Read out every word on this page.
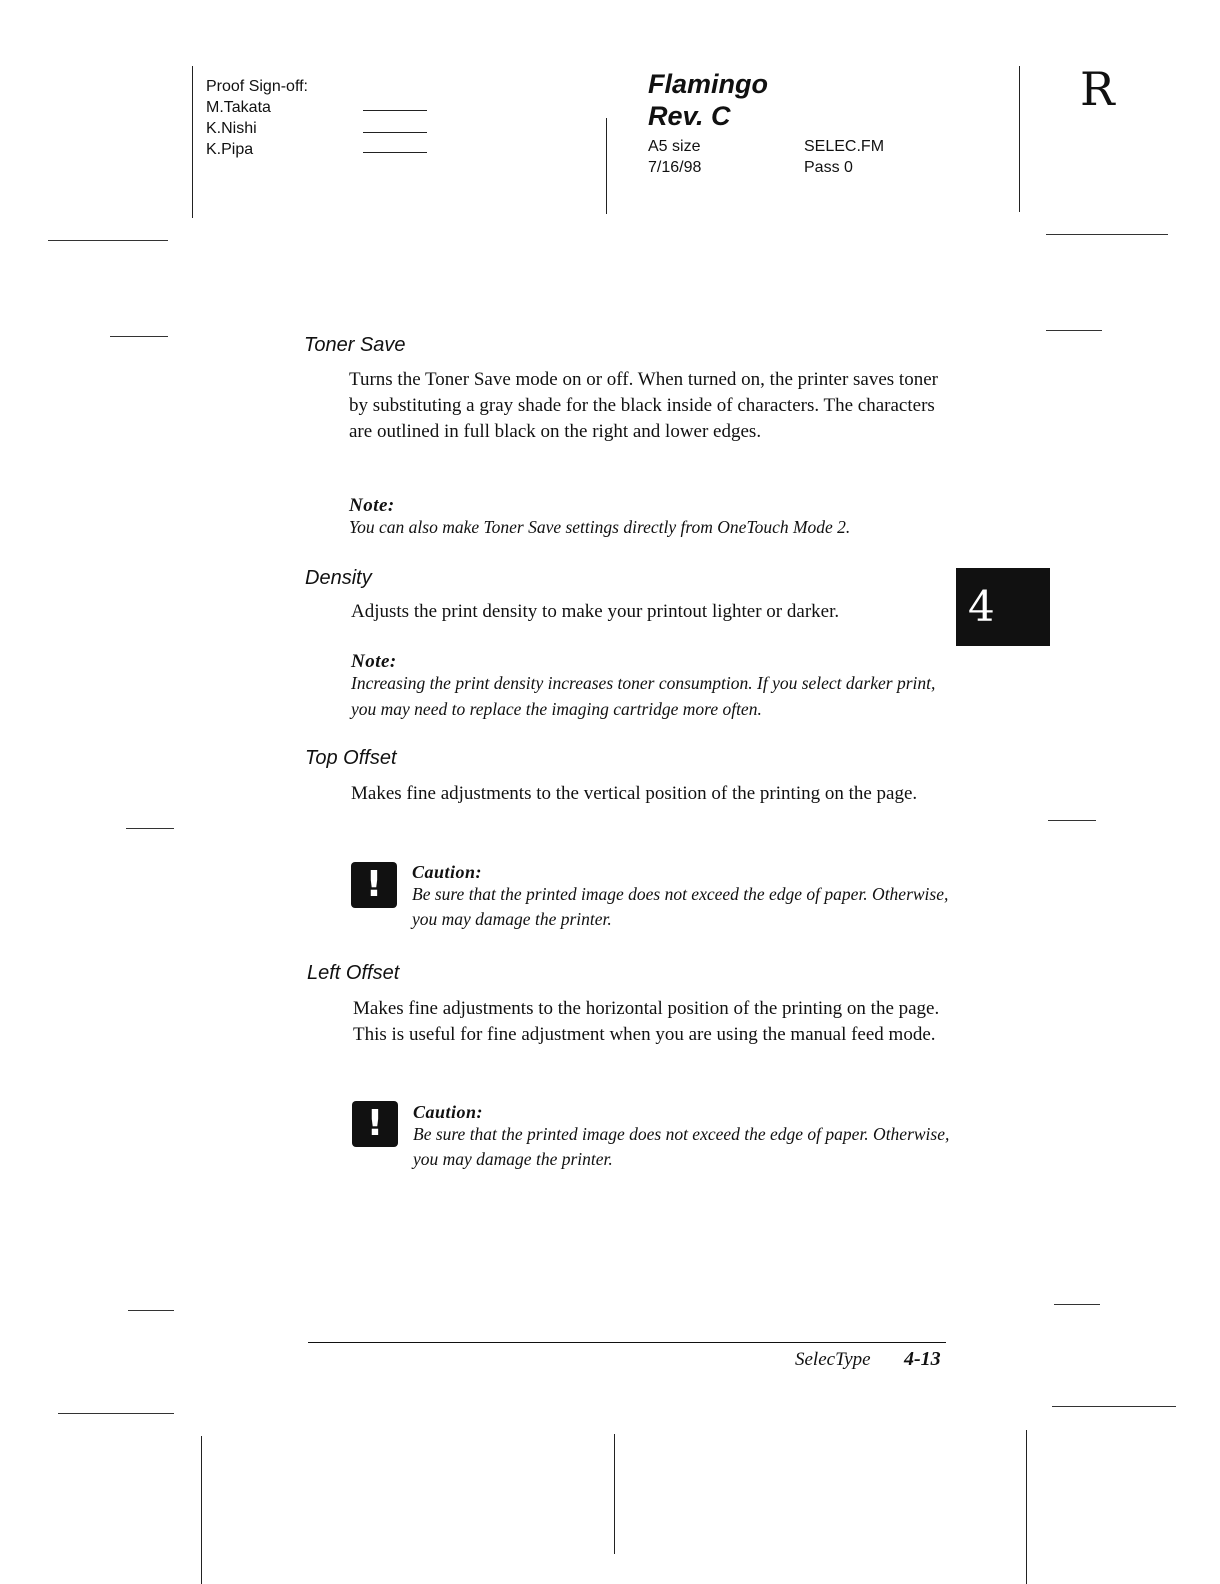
Proof Sign-off:
M.Takata
K.Nishi
K.Pipa
Flamingo
Rev. C
A5 size
7/16/98
SELEC.FM
Pass 0
R
4
Toner Save
Turns the Toner Save mode on or off. When turned on, the printer saves toner by substituting a gray shade for the black inside of characters. The characters are outlined in full black on the right and lower edges.
Note:
You can also make Toner Save settings directly from OneTouch Mode 2.
Density
Adjusts the print density to make your printout lighter or darker.
Note:
Increasing the print density increases toner consumption. If you select darker print, you may need to replace the imaging cartridge more often.
Top Offset
Makes fine adjustments to the vertical position of the printing on the page.
!	Caution:
Be sure that the printed image does not exceed the edge of paper. Otherwise, you may damage the printer.
Left Offset
Makes fine adjustments to the horizontal position of the printing on the page. This is useful for fine adjustment when you are using the manual feed mode.
!	Caution:
Be sure that the printed image does not exceed the edge of paper. Otherwise, you may damage the printer.
SelecType 4-13
